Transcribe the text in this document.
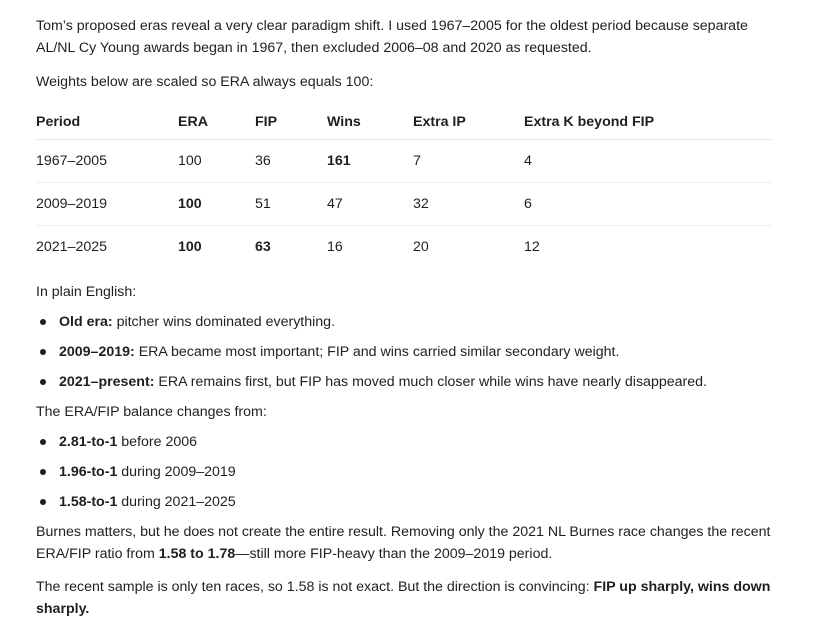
Tom’s proposed eras reveal a very clear paradigm shift. I used 1967–2005 for the oldest period because separate AL/NL Cy Young awards began in 1967, then excluded 2006–08 and 2020 as requested.

Weights below are scaled so ERA always equals 100:

Period	ERA	FIP	Wins	Extra IP	Extra K beyond FIP
1967–2005	100	36	161	7	4
2009–2019	100	51	47	32	6
2021–2025	100	63	16	20	12

In plain English:

Old era: pitcher wins dominated everything.
2009–2019: ERA became most important; FIP and wins carried similar secondary weight.
2021–present: ERA remains first, but FIP has moved much closer while wins have nearly disappeared.

The ERA/FIP balance changes from:

2.81-to-1 before 2006
1.96-to-1 during 2009–2019
1.58-to-1 during 2021–2025

Burnes matters, but he does not create the entire result. Removing only the 2021 NL Burnes race changes the recent ERA/FIP ratio from 1.58 to 1.78—still more FIP-heavy than the 2009–2019 period.

The recent sample is only ten races, so 1.58 is not exact. But the direction is convincing: FIP up sharply, wins down sharply.
